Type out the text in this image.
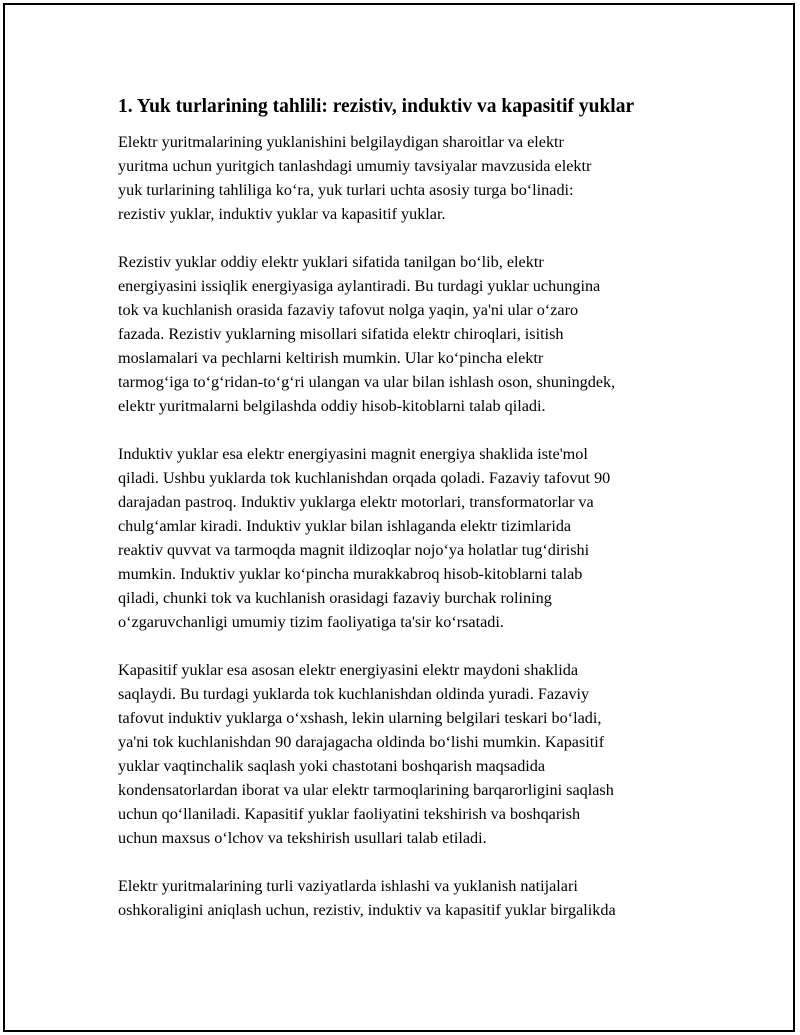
1. Yuk turlarining tahlili: rezistiv, induktiv va kapasitif yuklar

Elektr yuritmalarining yuklanishini belgilaydigan sharoitlar va elektr
yuritma uchun yuritgich tanlashdagi umumiy tavsiyalar mavzusida elektr
yuk turlarining tahliliga koʻra, yuk turlari uchta asosiy turga boʻlinadi:
rezistiv yuklar, induktiv yuklar va kapasitif yuklar.

Rezistiv yuklar oddiy elektr yuklari sifatida tanilgan boʻlib, elektr
energiyasini issiqlik energiyasiga aylantiradi. Bu turdagi yuklar uchungina
tok va kuchlanish orasida fazaviy tafovut nolga yaqin, ya'ni ular oʻzaro
fazada. Rezistiv yuklarning misollari sifatida elektr chiroqlari, isitish
moslamalari va pechlarni keltirish mumkin. Ular koʻpincha elektr
tarmogʻiga toʻgʻridan-toʻgʻri ulangan va ular bilan ishlash oson, shuningdek,
elektr yuritmalarni belgilashda oddiy hisob-kitoblarni talab qiladi.

Induktiv yuklar esa elektr energiyasini magnit energiya shaklida iste'mol
qiladi. Ushbu yuklarda tok kuchlanishdan orqada qoladi. Fazaviy tafovut 90
darajadan pastroq. Induktiv yuklarga elektr motorlari, transformatorlar va
chulgʻamlar kiradi. Induktiv yuklar bilan ishlaganda elektr tizimlarida
reaktiv quvvat va tarmoqda magnit ildizoqlar nojoʻya holatlar tugʻdirishi
mumkin. Induktiv yuklar koʻpincha murakkabroq hisob-kitoblarni talab
qiladi, chunki tok va kuchlanish orasidagi fazaviy burchak rolining
oʻzgaruvchanligi umumiy tizim faoliyatiga ta'sir koʻrsatadi.

Kapasitif yuklar esa asosan elektr energiyasini elektr maydoni shaklida
saqlaydi. Bu turdagi yuklarda tok kuchlanishdan oldinda yuradi. Fazaviy
tafovut induktiv yuklarga oʻxshash, lekin ularning belgilari teskari boʻladi,
ya'ni tok kuchlanishdan 90 darajagacha oldinda boʻlishi mumkin. Kapasitif
yuklar vaqtinchalik saqlash yoki chastotani boshqarish maqsadida
kondensatorlardan iborat va ular elektr tarmoqlarining barqarorligini saqlash
uchun qoʻllaniladi. Kapasitif yuklar faoliyatini tekshirish va boshqarish
uchun maxsus oʻlchov va tekshirish usullari talab etiladi.

Elektr yuritmalarining turli vaziyatlarda ishlashi va yuklanish natijalari
oshkoraligini aniqlash uchun, rezistiv, induktiv va kapasitif yuklar birgalikda
